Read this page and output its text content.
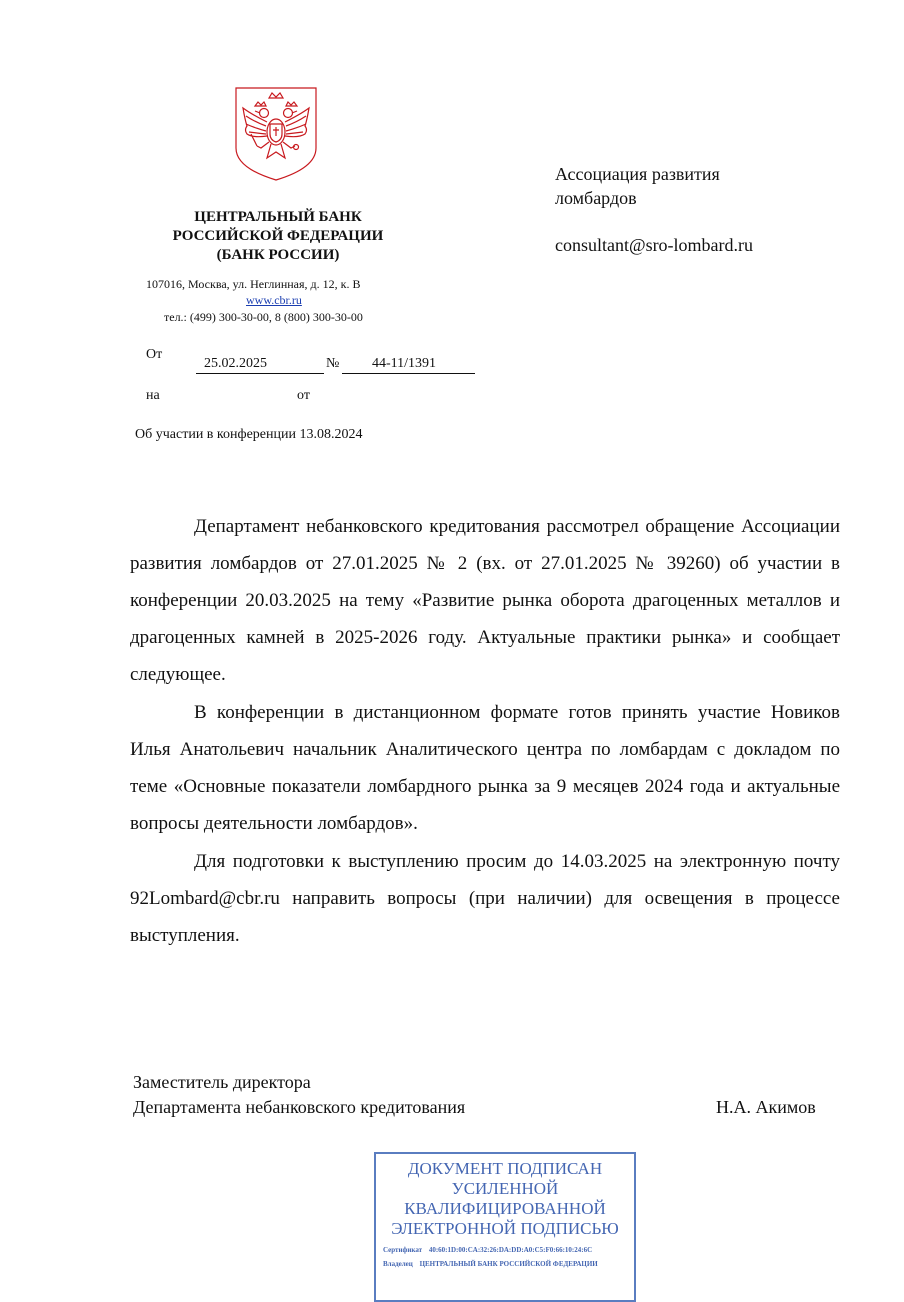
ЦЕНТРАЛЬНЫЙ БАНК
РОССИЙСКОЙ ФЕДЕРАЦИИ
(БАНК РОССИИ)
107016, Москва, ул. Неглинная, д. 12, к. В
www.cbr.ru
тел.: (499) 300-30-00, 8 (800) 300-30-00
От
25.02.2025	№ 44-11/1391
на	от
Об участии в конференции 13.08.2024
Ассоциация развития
ломбардов
consultant@sro-lombard.ru

Департамент небанковского кредитования рассмотрел обращение Ассоциации развития ломбардов от 27.01.2025 № 2 (вх. от 27.01.2025 № 39260) об участии в конференции 20.03.2025 на тему «Развитие рынка оборота драгоценных металлов и драгоценных камней в 2025-2026 году. Актуальные практики рынка» и сообщает следующее.

В конференции в дистанционном формате готов принять участие Новиков Илья Анатольевич начальник Аналитического центра по ломбардам с докладом по теме «Основные показатели ломбардного рынка за 9 месяцев 2024 года и актуальные вопросы деятельности ломбардов».

Для подготовки к выступлению просим до 14.03.2025 на электронную почту 92Lombard@cbr.ru направить вопросы (при наличии) для освещения в процессе выступления.

Заместитель директора
Департамента небанковского кредитования	Н.А. Акимов
ДОКУМЕНТ ПОДПИСАН
УСИЛЕННОЙ
КВАЛИФИЦИРОВАННОЙ
ЭЛЕКТРОННОЙ ПОДПИСЬЮ
Сертификат 40:60:1D:00:CA:32:26:DA:DD:A0:C5:F0:66:10:24:6C
Владелец ЦЕНТРАЛЬНЫЙ БАНК РОССИЙСКОЙ ФЕДЕРАЦИИ
